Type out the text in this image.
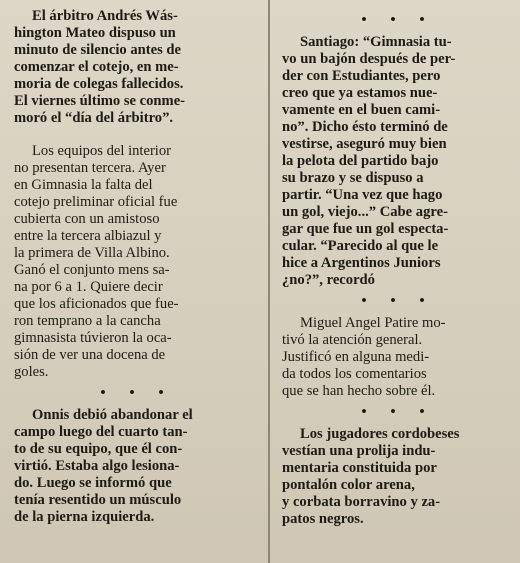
El árbitro Andrés Wás-
hington Mateo dispuso un
minuto de silencio antes de
comenzar el cotejo, en me-
moria de colegas fallecidos.
El viernes último se conme-
moró el “día del árbitro”.

Los equipos del interior
no presentan tercera. Ayer
en Gimnasia la falta del
cotejo preliminar oficial fue
cubierta con un amistoso
entre la tercera albiazul y
la primera de Villa Albino.
Ganó el conjunto mens sa-
na por 6 a 1. Quiere decir
que los aficionados que fue-
ron temprano a la cancha
gimnasista túvieron la oca-
sión de ver una docena de
goles.

• • •

Onnis debió abandonar el
campo luego del cuarto tan-
to de su equipo, que él con-
virtió. Estaba algo lesiona-
do. Luego se informó que
tenía resentido un músculo
de la pierna izquierda.

• • •

Santiago: “Gimnasia tu-
vo un bajón después de per-
der con Estudiantes, pero
creo que ya estamos nue-
vamente en el buen cami-
no”. Dicho ésto terminó de
vestirse, aseguró muy bien
la pelota del partido bajo
su brazo y se dispuso a
partir. “Una vez que hago
un gol, viejo...” Cabe agre-
gar que fue un gol especta-
cular. “Parecido al que le
hice a Argentinos Juniors
¿no?”, recordó

• • •

Miguel Angel Patire mo-
tivó la atención general.
Justificó en alguna medi-
da todos los comentarios
que se han hecho sobre él.

• • •

Los jugadores cordobeses
vestían una prolija indu-
mentaria constituida por
pontalón color arena,
y corbata borravino y za-
patos negros.
